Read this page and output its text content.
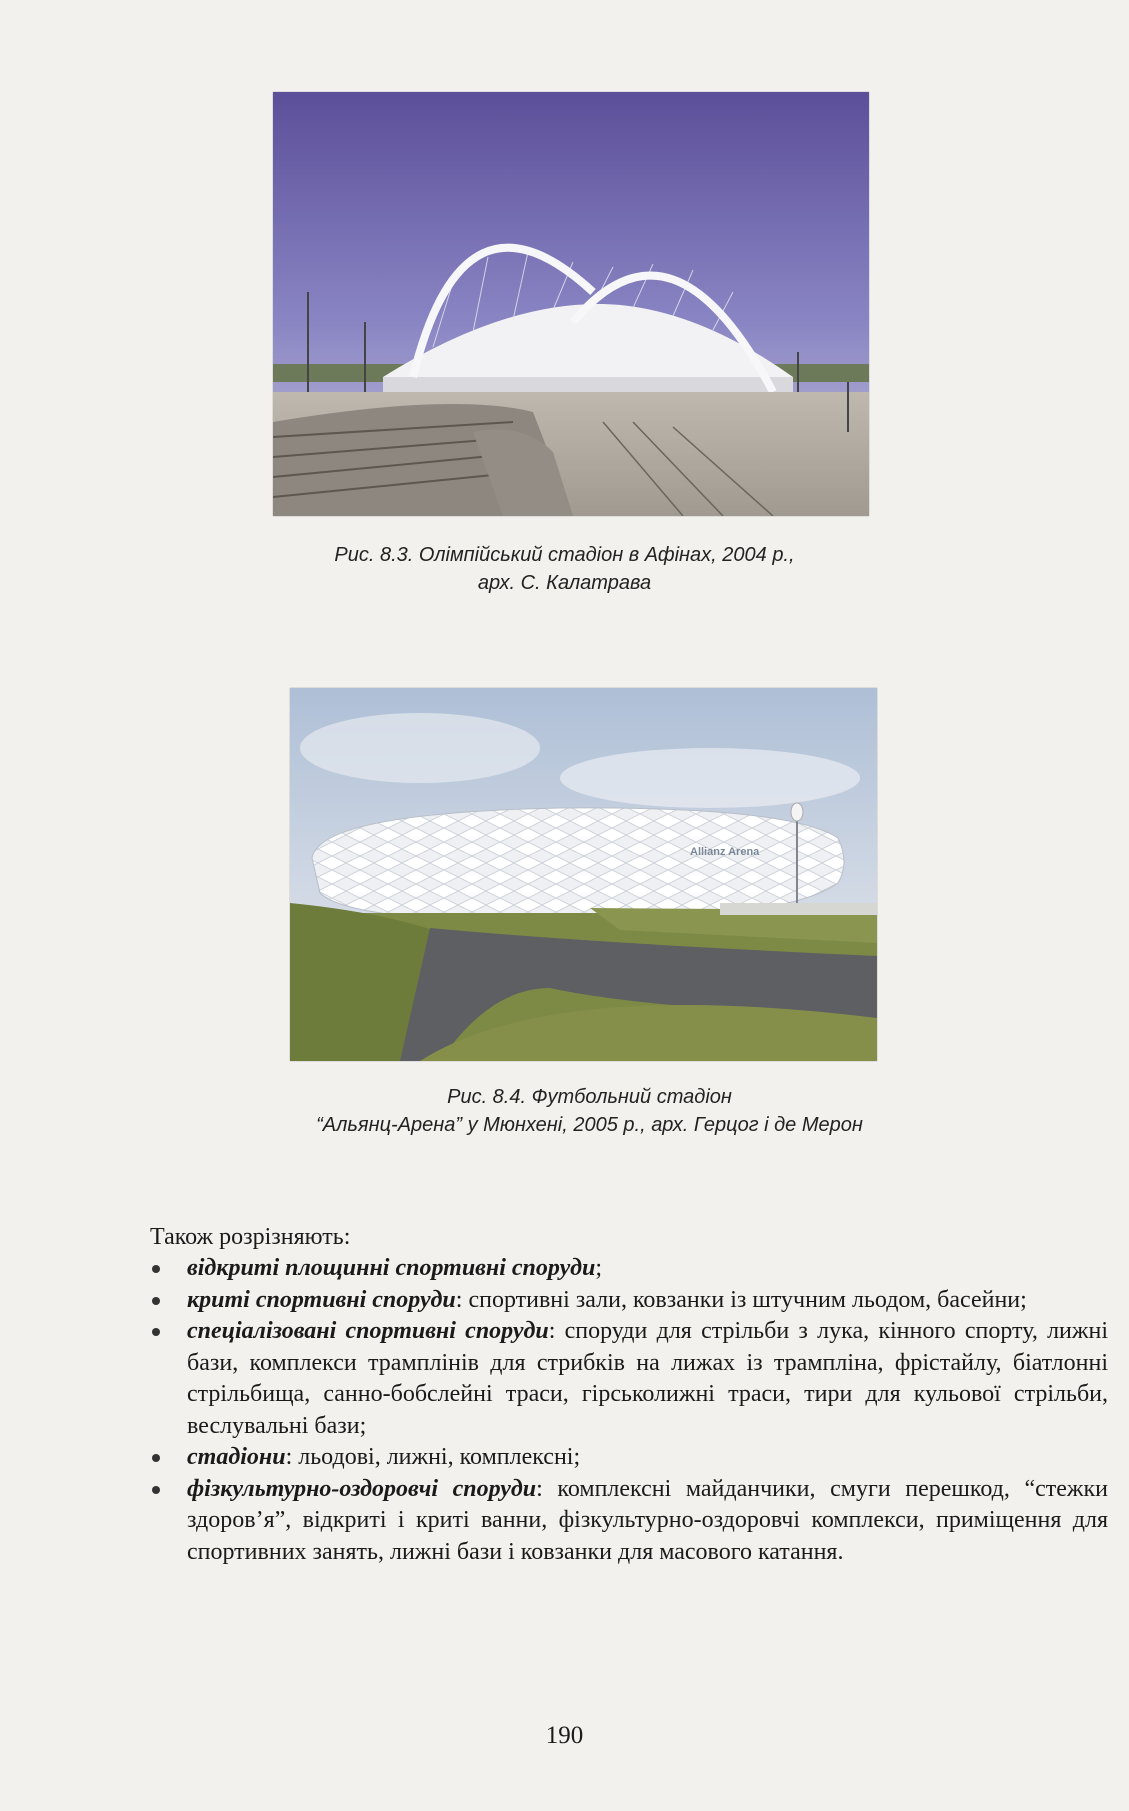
Рис. 8.3. Олімпійський стадіон в Афінах, 2004 р.,
арх. С. Калатрава
Allianz Arena
Рис. 8.4. Футбольний стадіон
“Альянц-Арена” у Мюнхені, 2005 р., арх. Герцог і де Мерон
Також розрізняють:
відкриті площинні спортивні споруди;
криті спортивні споруди: спортивні зали, ковзанки із штучним льодом, басейни;
спеціалізовані спортивні споруди: споруди для стрільби з лука, кінного спорту, лижні бази, комплекси трамплінів для стрибків на лижах із трампліна, фрістайлу, біатлонні стрільбища, санно-бобслейні траси, гірськолижні траси, тири для кульової стрільби, веслувальні бази;
стадіони: льодові, лижні, комплексні;
фізкультурно-оздоровчі споруди: комплексні майданчики, смуги перешкод, “стежки здоров’я”, відкриті і криті ванни, фізкультурно-оздоровчі комплекси, приміщення для спортивних занять, лижні бази і ковзанки для масового катання.
190
